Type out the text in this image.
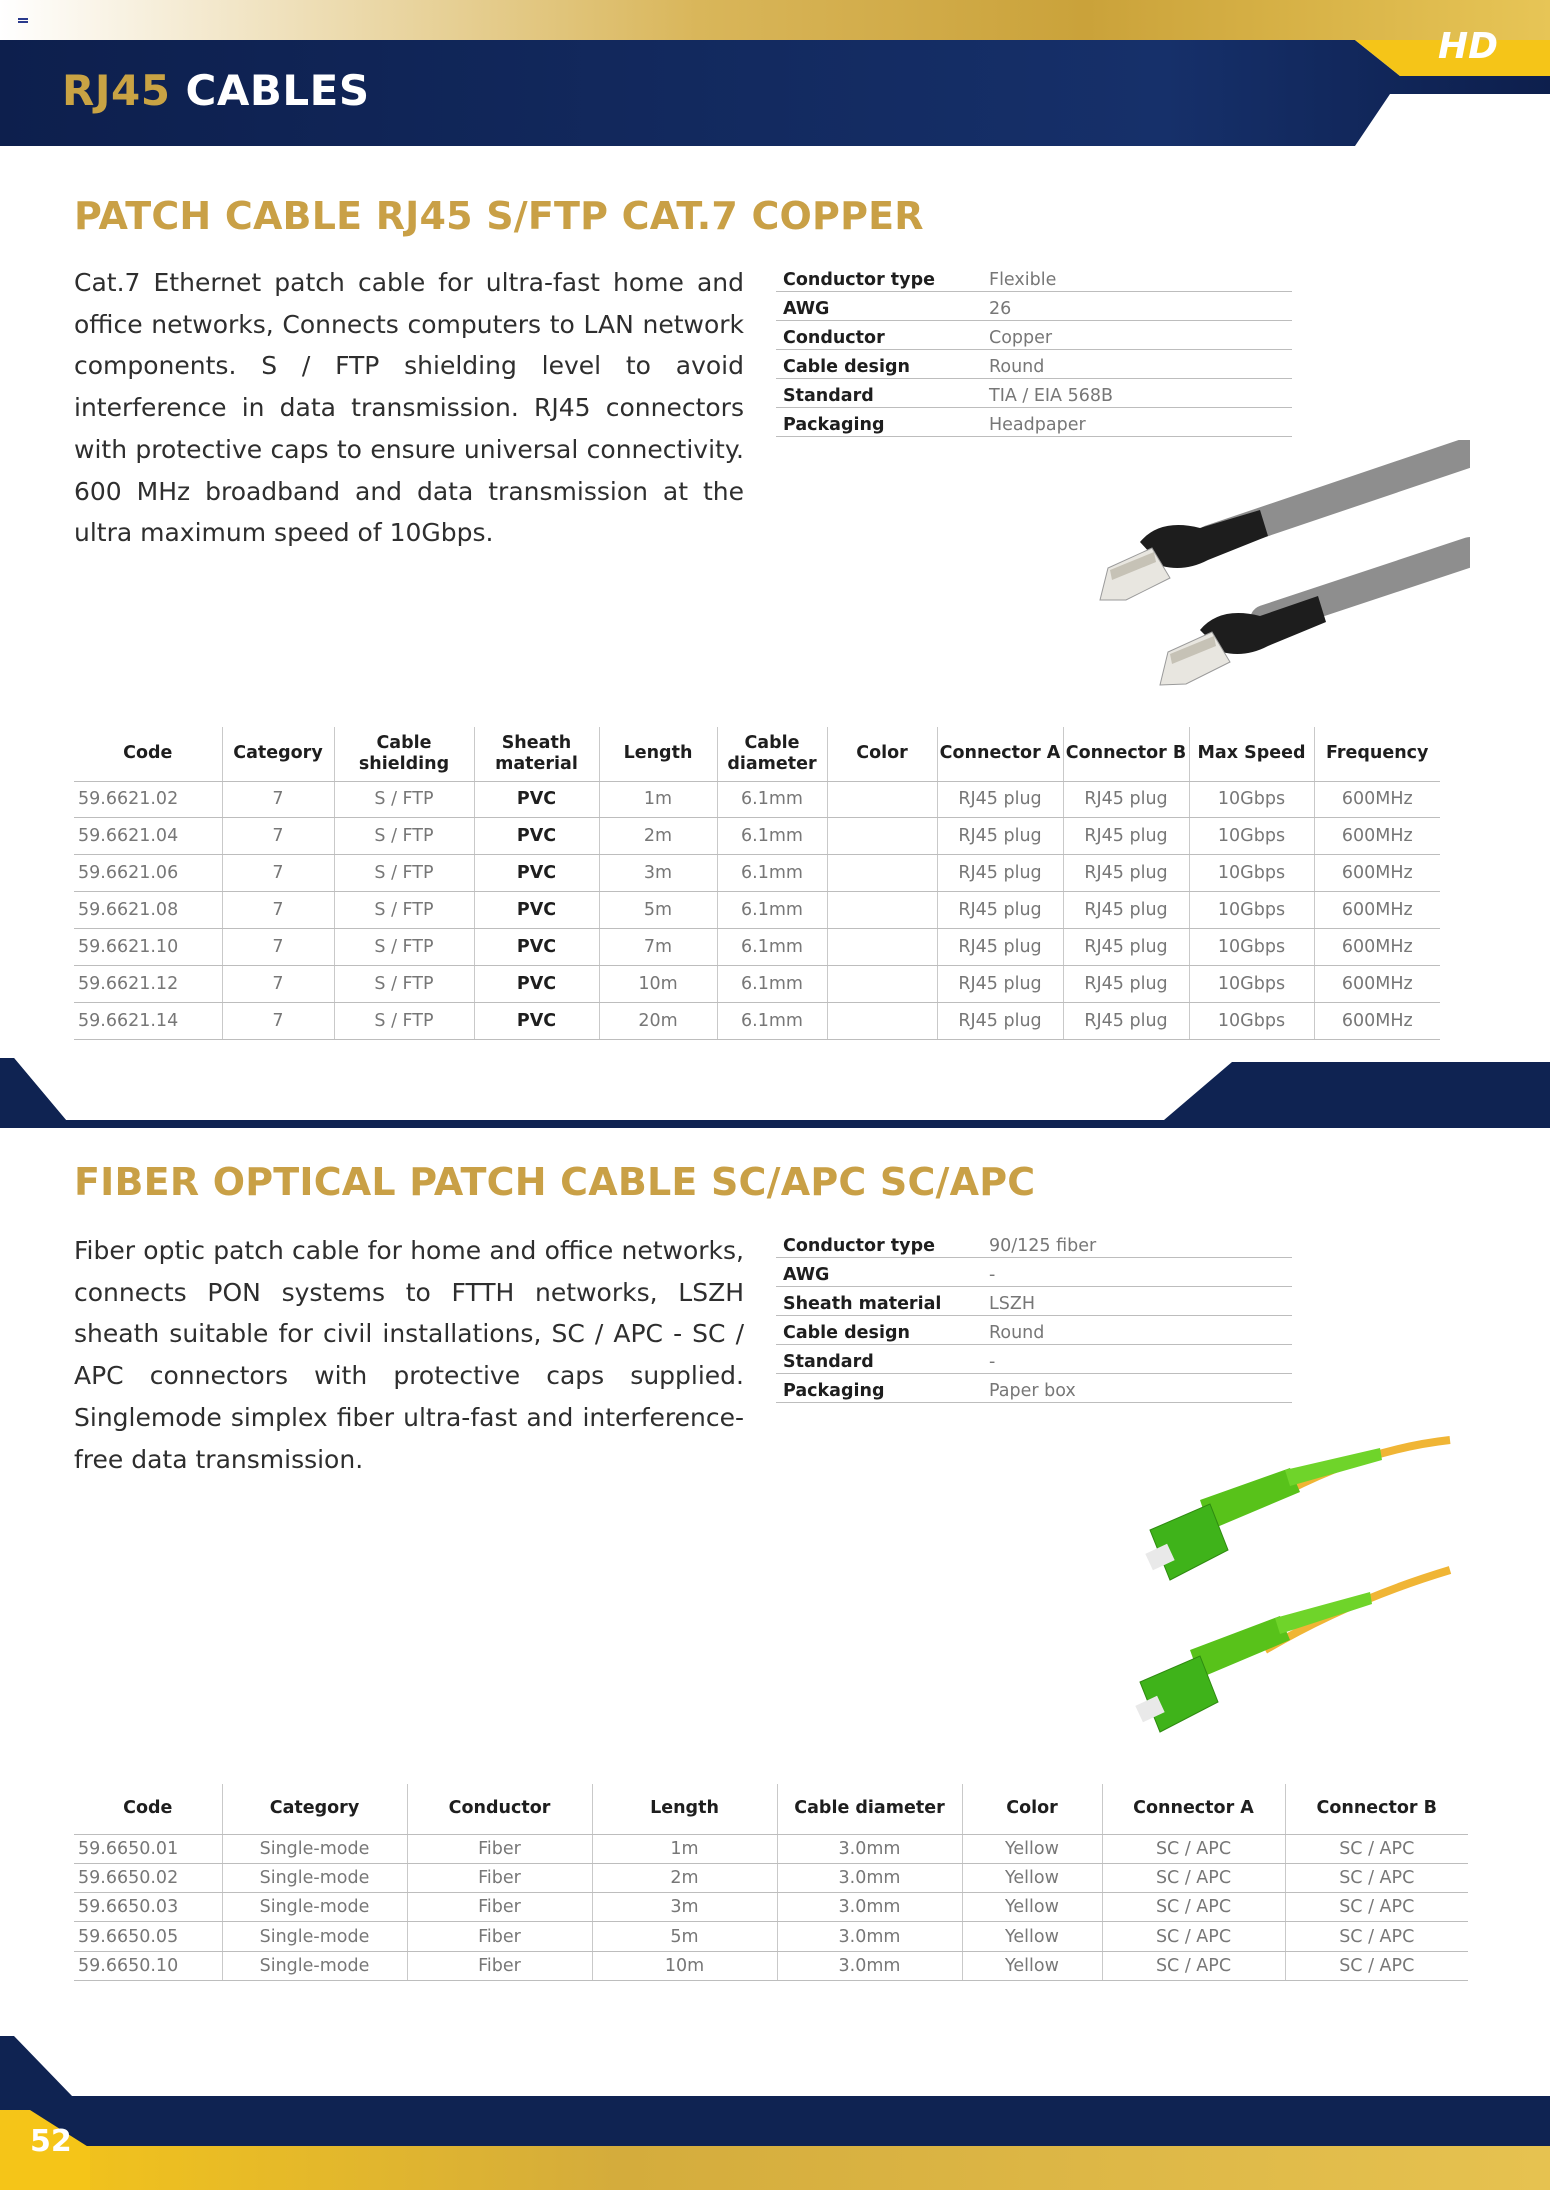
RJ45 CABLES
HD
PATCH CABLE RJ45 S/FTP CAT.7 COPPER
Cat.7 Ethernet patch cable for ultra-fast home and office networks, Connects computers to LAN network components. S / FTP shielding level to avoid interference in data transmission. RJ45 connectors with protective caps to ensure universal connectivity. 600 MHz broadband and data transmission at the ultra maximum speed of 10Gbps.
Conductor type	Flexible
AWG	26
Conductor	Copper
Cable design	Round
Standard	TIA / EIA 568B
Packaging	Headpaper
Code	Category	Cable shielding	Sheath material	Length	Cable diameter	Color	Connector A	Connector B	Max Speed	Frequency
59.6621.02	7	S / FTP	PVC	1m	6.1mm		RJ45 plug	RJ45 plug	10Gbps	600MHz
59.6621.04	7	S / FTP	PVC	2m	6.1mm		RJ45 plug	RJ45 plug	10Gbps	600MHz
59.6621.06	7	S / FTP	PVC	3m	6.1mm		RJ45 plug	RJ45 plug	10Gbps	600MHz
59.6621.08	7	S / FTP	PVC	5m	6.1mm		RJ45 plug	RJ45 plug	10Gbps	600MHz
59.6621.10	7	S / FTP	PVC	7m	6.1mm		RJ45 plug	RJ45 plug	10Gbps	600MHz
59.6621.12	7	S / FTP	PVC	10m	6.1mm		RJ45 plug	RJ45 plug	10Gbps	600MHz
59.6621.14	7	S / FTP	PVC	20m	6.1mm		RJ45 plug	RJ45 plug	10Gbps	600MHz
FIBER OPTICAL PATCH CABLE SC/APC SC/APC
Fiber optic patch cable for home and office networks, connects PON systems to FTTH networks, LSZH sheath suitable for civil installations, SC / APC - SC / APC connectors with protective caps supplied. Singlemode simplex fiber ultra-fast and interference-free data transmission.
Conductor type	90/125 fiber
AWG	-
Sheath material	LSZH
Cable design	Round
Standard	-
Packaging	Paper box
Code	Category	Conductor	Length	Cable diameter	Color	Connector A	Connector B
59.6650.01	Single-mode	Fiber	1m	3.0mm	Yellow	SC / APC	SC / APC
59.6650.02	Single-mode	Fiber	2m	3.0mm	Yellow	SC / APC	SC / APC
59.6650.03	Single-mode	Fiber	3m	3.0mm	Yellow	SC / APC	SC / APC
59.6650.05	Single-mode	Fiber	5m	3.0mm	Yellow	SC / APC	SC / APC
59.6650.10	Single-mode	Fiber	10m	3.0mm	Yellow	SC / APC	SC / APC
52
